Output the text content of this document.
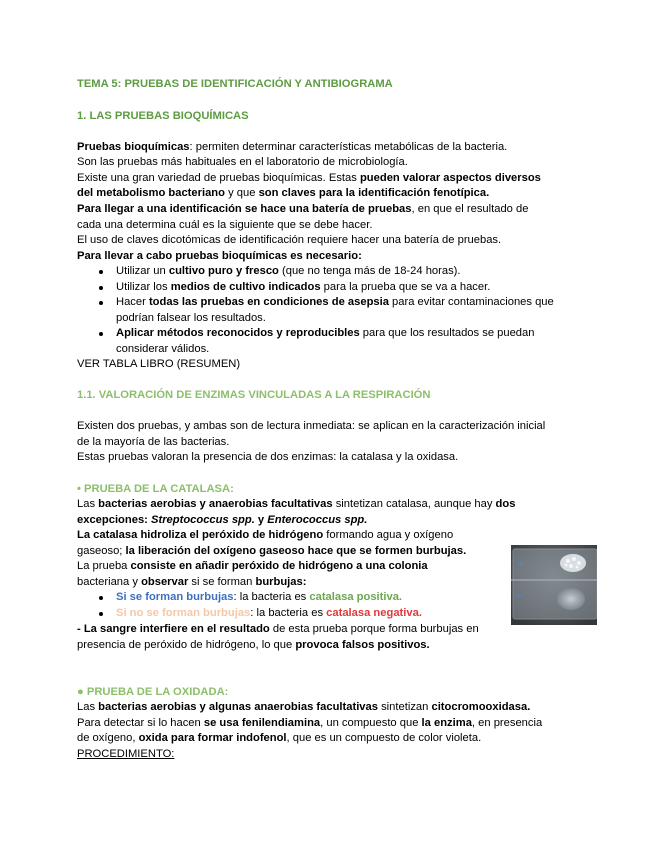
TEMA 5: PRUEBAS DE IDENTIFICACIÓN Y ANTIBIOGRAMA
1. LAS PRUEBAS BIOQUÍMICAS
Pruebas bioquímicas: permiten determinar características metabólicas de la bacteria.
Son las pruebas más habituales en el laboratorio de microbiología.
Existe una gran variedad de pruebas bioquímicas. Estas pueden valorar aspectos diversos
del metabolismo bacteriano y que son claves para la identificación fenotípica.
Para llegar a una identificación se hace una batería de pruebas, en que el resultado de
cada una determina cuál es la siguiente que se debe hacer.
El uso de claves dicotómicas de identificación requiere hacer una batería de pruebas.
Para llevar a cabo pruebas bioquímicas es necesario:
Utilizar un cultivo puro y fresco (que no tenga más de 18-24 horas).
Utilizar los medios de cultivo indicados para la prueba que se va a hacer.
Hacer todas las pruebas en condiciones de asepsia para evitar contaminaciones que
podrían falsear los resultados.
Aplicar métodos reconocidos y reproducibles para que los resultados se puedan
considerar válidos.
VER TABLA LIBRO (RESUMEN)
1.1. VALORACIÓN DE ENZIMAS VINCULADAS A LA RESPIRACIÓN
Existen dos pruebas, y ambas son de lectura inmediata: se aplican en la caracterización inicial
de la mayoría de las bacterias.
Estas pruebas valoran la presencia de dos enzimas: la catalasa y la oxidasa.
• PRUEBA DE LA CATALASA:
Las bacterias aerobias y anaerobias facultativas sintetizan catalasa, aunque hay dos
excepciones: Streptococcus spp. y Enterococcus spp.
La catalasa hidroliza el peróxido de hidrógeno formando agua y oxígeno
gaseoso; la liberación del oxígeno gaseoso hace que se formen burbujas.
La prueba consiste en añadir peróxido de hidrógeno a una colonia
bacteriana y observar si se forman burbujas:
Si se forman burbujas: la bacteria es catalasa positiva.
Si no se forman burbujas: la bacteria es catalasa negativa.
- La sangre interfiere en el resultado de esta prueba porque forma burbujas en
presencia de peróxido de hidrógeno, lo que provoca falsos positivos.
+
–
● PRUEBA DE LA OXIDADA:
Las bacterias aerobias y algunas anaerobias facultativas sintetizan citocromooxidasa.
Para detectar si lo hacen se usa fenilendiamina, un compuesto que la enzima, en presencia
de oxígeno, oxida para formar indofenol, que es un compuesto de color violeta.
PROCEDIMIENTO:
